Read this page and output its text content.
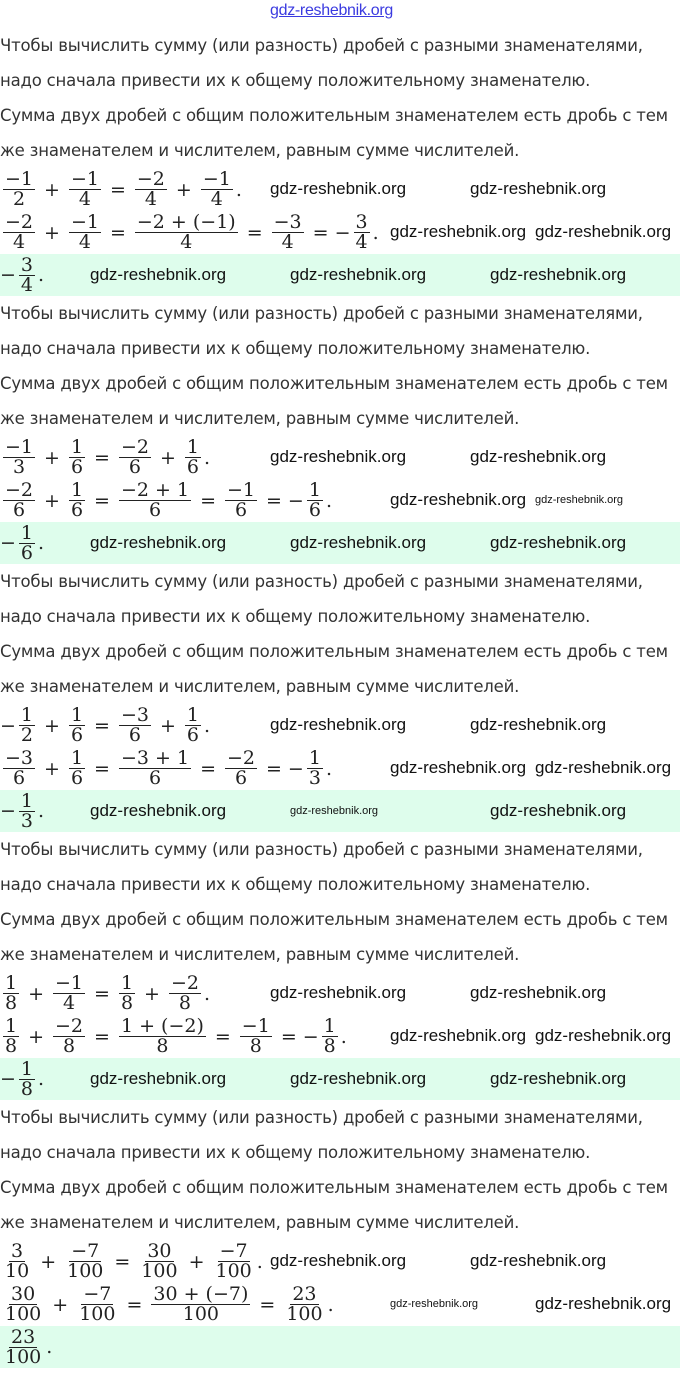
gdz-reshebnik.org
Чтобы вычислить сумму (или разность) дробей с разными знаменателями,
надо сначала привести их к общему положительному знаменателю.
Сумма двух дробей с общим положительным знаменателем есть дробь с тем
же знаменателем и числителем, равным сумме числителей.
$\frac{-1}{2} + \frac{-1}{4} = \frac{-2}{4} + \frac{-1}{4}$ .
$\frac{-2}{4} + \frac{-1}{4} = \frac{-2 + (-1)}{4} = \frac{-3}{4}$ = − $\frac{3}{4}$ .
− $\frac{3}{4}$ .
Чтобы вычислить сумму (или разность) дробей с разными знаменателями,
надо сначала привести их к общему положительному знаменателю.
Сумма двух дробей с общим положительным знаменателем есть дробь с тем
же знаменателем и числителем, равным сумме числителей.
$\frac{-1}{3} + \frac{1}{6} = \frac{-2}{6} + \frac{1}{6}$ .
$\frac{-2}{6} + \frac{1}{6} = \frac{-2 + 1}{6} = \frac{-1}{6}$ = − $\frac{1}{6}$ .
− $\frac{1}{6}$ .
Чтобы вычислить сумму (или разность) дробей с разными знаменателями,
надо сначала привести их к общему положительному знаменателю.
Сумма двух дробей с общим положительным знаменателем есть дробь с тем
же знаменателем и числителем, равным сумме числителей.
− $\frac{1}{2} + \frac{1}{6} = \frac{-3}{6} + \frac{1}{6}$ .
$\frac{-3}{6} + \frac{1}{6} = \frac{-3 + 1}{6} = \frac{-2}{6}$ = − $\frac{1}{3}$ .
− $\frac{1}{3}$ .
Чтобы вычислить сумму (или разность) дробей с разными знаменателями,
надо сначала привести их к общему положительному знаменателю.
Сумма двух дробей с общим положительным знаменателем есть дробь с тем
же знаменателем и числителем, равным сумме числителей.
$\frac{1}{8} + \frac{-1}{4} = \frac{1}{8} + \frac{-2}{8}$ .
$\frac{1}{8} + \frac{-2}{8} = \frac{1 + (-2)}{8} = \frac{-1}{8}$ = − $\frac{1}{8}$ .
− $\frac{1}{8}$ .
Чтобы вычислить сумму (или разность) дробей с разными знаменателями,
надо сначала привести их к общему положительному знаменателю.
Сумма двух дробей с общим положительным знаменателем есть дробь с тем
же знаменателем и числителем, равным сумме числителей.
$\frac{3}{10} + \frac{-7}{100} = \frac{30}{100} + \frac{-7}{100}$ .
$\frac{30}{100} + \frac{-7}{100} = \frac{30 + (-7)}{100} = \frac{23}{100}$ .
$\frac{23}{100}$ .
gdz-reshebnik.org	gdz-reshebnik.org
gdz-reshebnik.org gdz-reshebnik.org
gdz-reshebnik.org	gdz-reshebnik.org	gdz-reshebnik.org
gdz-reshebnik.org	gdz-reshebnik.org
gdz-reshebnik.org gdz-reshebnik.org
gdz-reshebnik.org	gdz-reshebnik.org	gdz-reshebnik.org
gdz-reshebnik.org	gdz-reshebnik.org
gdz-reshebnik.org gdz-reshebnik.org
gdz-reshebnik.org	gdz-reshebnik.org	gdz-reshebnik.org
gdz-reshebnik.org	gdz-reshebnik.org
gdz-reshebnik.org gdz-reshebnik.org
gdz-reshebnik.org	gdz-reshebnik.org	gdz-reshebnik.org
gdz-reshebnik.org	gdz-reshebnik.org
gdz-reshebnik.org	gdz-reshebnik.org
